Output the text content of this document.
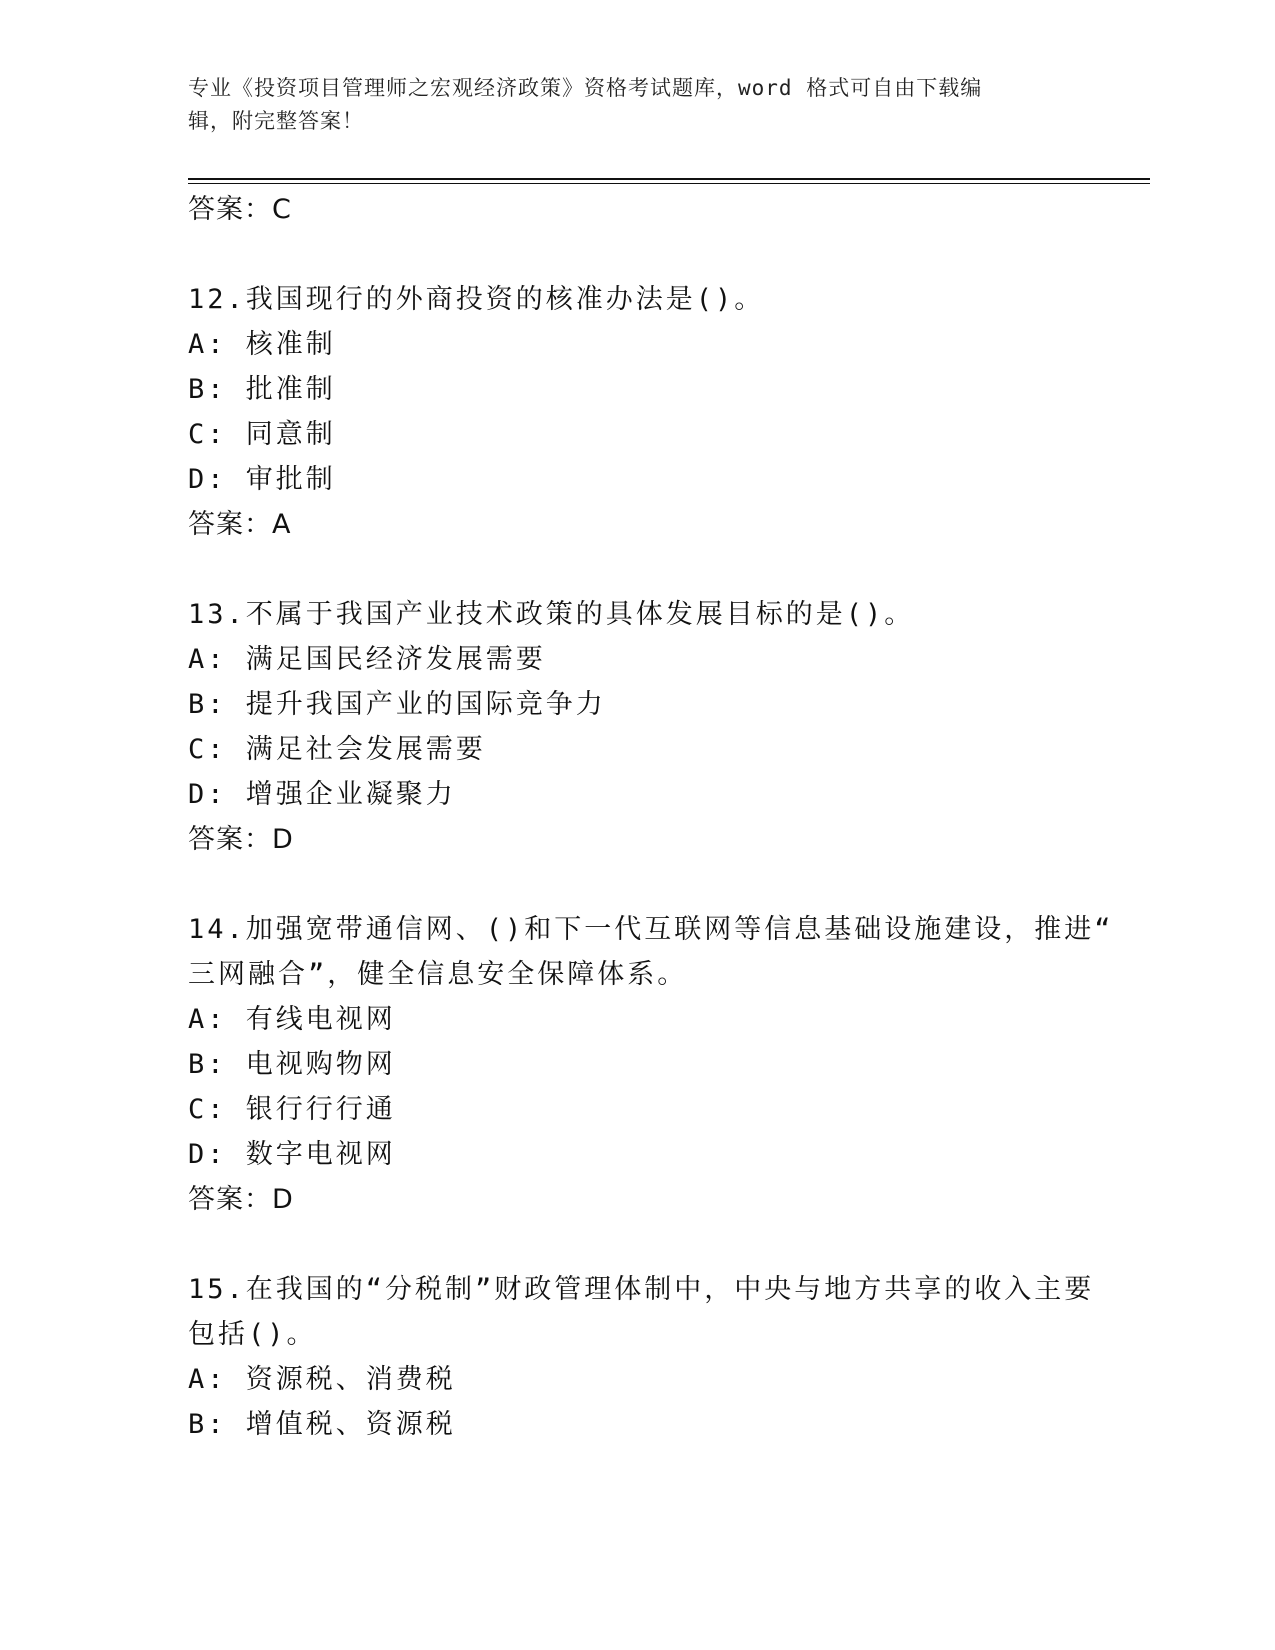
专业《投资项目管理师之宏观经济政策》资格考试题库，word 格式可自由下载编
辑，附完整答案！
答案：C
12.我国现行的外商投资的核准办法是()。
A: 核准制
B: 批准制
C: 同意制
D: 审批制
答案：A
13.不属于我国产业技术政策的具体发展目标的是()。
A: 满足国民经济发展需要
B: 提升我国产业的国际竞争力
C: 满足社会发展需要
D: 增强企业凝聚力
答案：D
14.加强宽带通信网、()和下一代互联网等信息基础设施建设，推进“
三网融合”，健全信息安全保障体系。
A: 有线电视网
B: 电视购物网
C: 银行行行通
D: 数字电视网
答案：D
15.在我国的“分税制”财政管理体制中，中央与地方共享的收入主要
包括()。
A: 资源税、消费税
B: 增值税、资源税
